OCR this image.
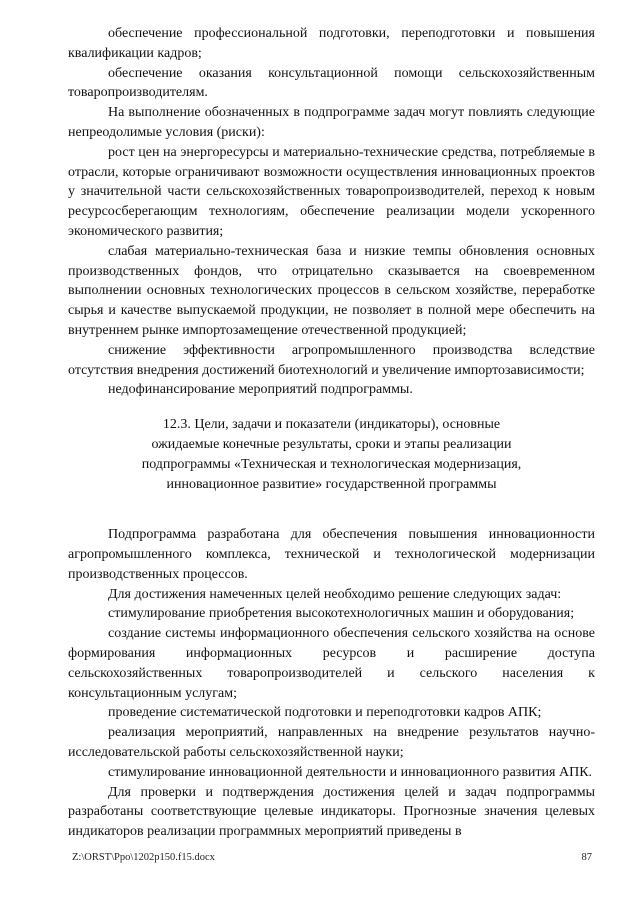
обеспечение профессиональной подготовки, переподготовки и повышения квалификации кадров;

обеспечение оказания консультационной помощи сельскохозяйственным товаропроизводителям.

На выполнение обозначенных в подпрограмме задач могут повлиять следующие непреодолимые условия (риски):

рост цен на энергоресурсы и материально-технические средства, потребляемые в отрасли, которые ограничивают возможности осуществления инновационных проектов у значительной части сельскохозяйственных товаропроизводителей, переход к новым ресурсосберегающим технологиям, обеспечение реализации модели ускоренного экономического развития;

слабая материально-техническая база и низкие темпы обновления основных производственных фондов, что отрицательно сказывается на своевременном выполнении основных технологических процессов в сельском хозяйстве, переработке сырья и качестве выпускаемой продукции, не позволяет в полной мере обеспечить на внутреннем рынке импортозамещение отечественной продукцией;

снижение эффективности агропромышленного производства вследствие отсутствия внедрения достижений биотехнологий и увеличение импортозависимости;

недофинансирование мероприятий подпрограммы.

12.3. Цели, задачи и показатели (индикаторы), основные
ожидаемые конечные результаты, сроки и этапы реализации
подпрограммы «Техническая и технологическая модернизация,
инновационное развитие» государственной программы

Подпрограмма разработана для обеспечения повышения инновационности агропромышленного комплекса, технической и технологической модернизации производственных процессов.

Для достижения намеченных целей необходимо решение следующих задач:

стимулирование приобретения высокотехнологичных машин и оборудования;

создание системы информационного обеспечения сельского хозяйства на основе формирования информационных ресурсов и расширение доступа сельскохозяйственных товаропроизводителей и сельского населения к консультационным услугам;

проведение систематической подготовки и переподготовки кадров АПК;

реализация мероприятий, направленных на внедрение результатов научно-исследовательской работы сельскохозяйственной науки;

стимулирование инновационной деятельности и инновационного развития АПК.

Для проверки и подтверждения достижения целей и задач подпрограммы разработаны соответствующие целевые индикаторы. Прогнозные значения целевых индикаторов реализации программных мероприятий приведены в

Z:\ORST\Ppo\1202p150.f15.docx	87
